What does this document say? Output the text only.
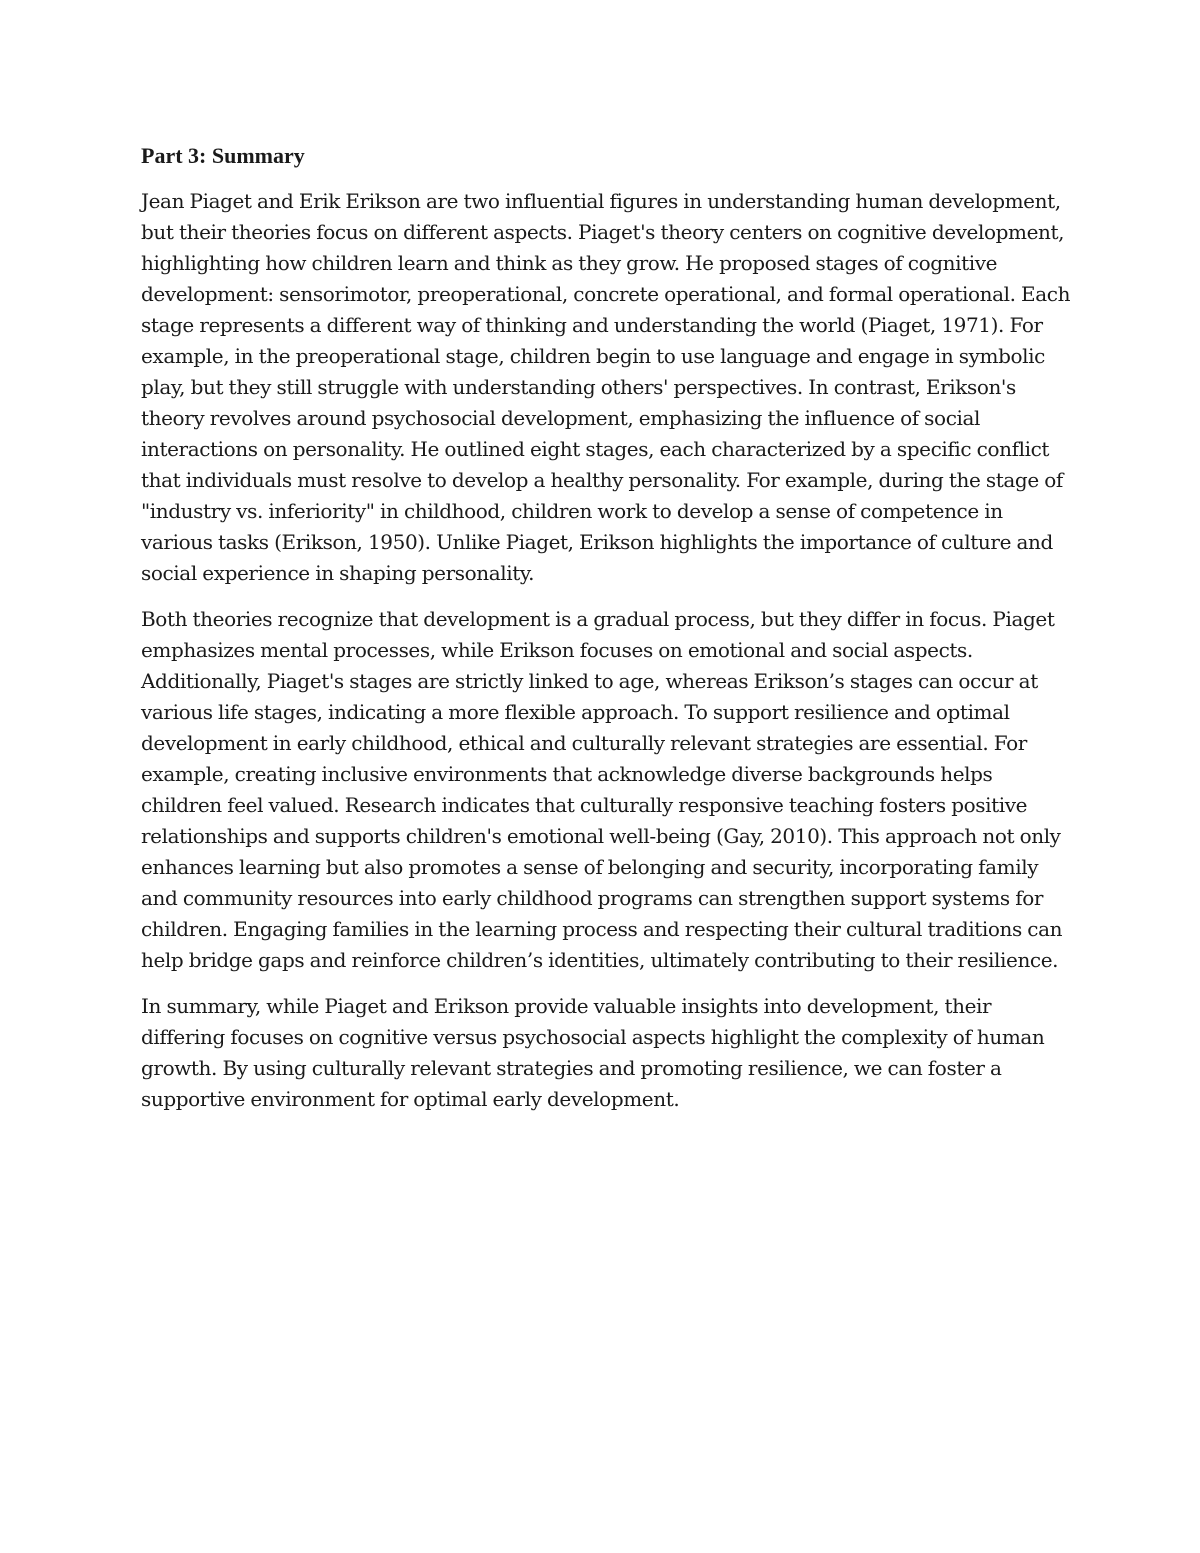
Part 3: Summary

Jean Piaget and Erik Erikson are two influential figures in understanding human development, but their theories focus on different aspects. Piaget's theory centers on cognitive development, highlighting how children learn and think as they grow. He proposed stages of cognitive development: sensorimotor, preoperational, concrete operational, and formal operational. Each stage represents a different way of thinking and understanding the world (Piaget, 1971). For example, in the preoperational stage, children begin to use language and engage in symbolic play, but they still struggle with understanding others' perspectives. In contrast, Erikson's theory revolves around psychosocial development, emphasizing the influence of social interactions on personality. He outlined eight stages, each characterized by a specific conflict that individuals must resolve to develop a healthy personality. For example, during the stage of "industry vs. inferiority" in childhood, children work to develop a sense of competence in various tasks (Erikson, 1950). Unlike Piaget, Erikson highlights the importance of culture and social experience in shaping personality.

Both theories recognize that development is a gradual process, but they differ in focus. Piaget emphasizes mental processes, while Erikson focuses on emotional and social aspects. Additionally, Piaget's stages are strictly linked to age, whereas Erikson’s stages can occur at various life stages, indicating a more flexible approach. To support resilience and optimal development in early childhood, ethical and culturally relevant strategies are essential. For example, creating inclusive environments that acknowledge diverse backgrounds helps children feel valued. Research indicates that culturally responsive teaching fosters positive relationships and supports children's emotional well-being (Gay, 2010). This approach not only enhances learning but also promotes a sense of belonging and security, incorporating family and community resources into early childhood programs can strengthen support systems for children. Engaging families in the learning process and respecting their cultural traditions can help bridge gaps and reinforce children’s identities, ultimately contributing to their resilience.

In summary, while Piaget and Erikson provide valuable insights into development, their differing focuses on cognitive versus psychosocial aspects highlight the complexity of human growth. By using culturally relevant strategies and promoting resilience, we can foster a supportive environment for optimal early development.
